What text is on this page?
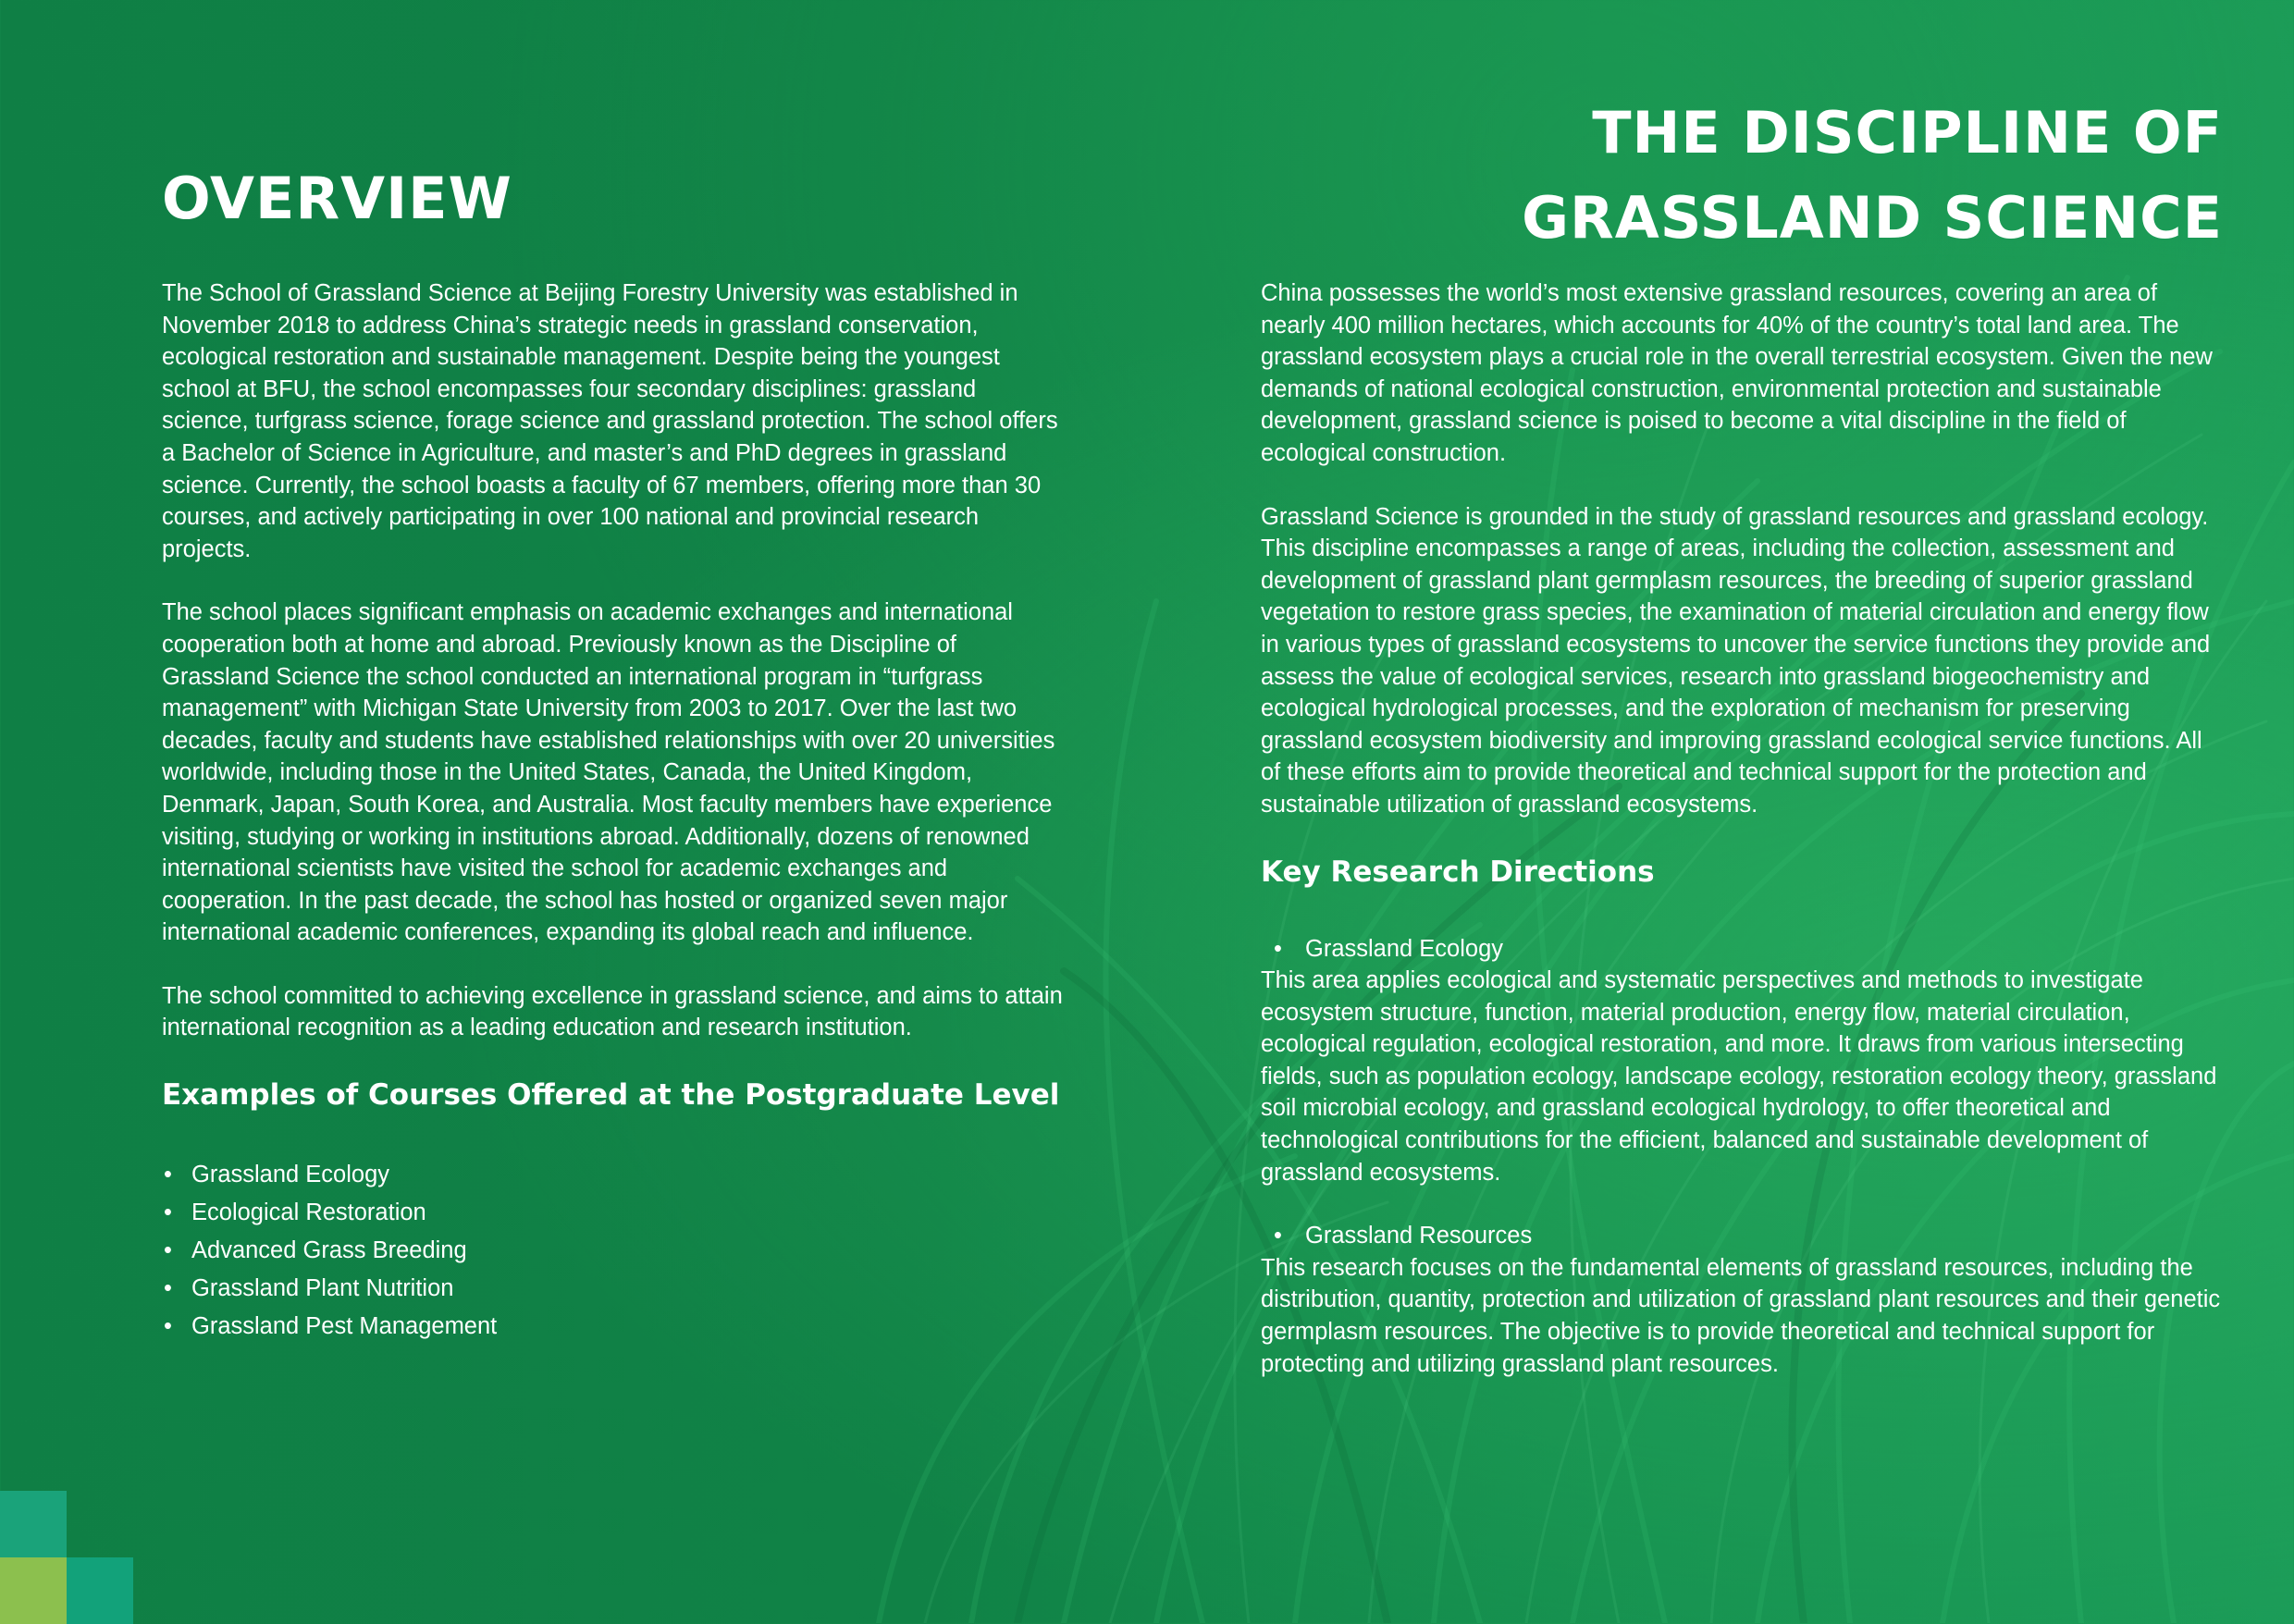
OVERVIEW
THE DISCIPLINE OF
GRASSLAND SCIENCE

The School of Grassland Science at Beijing Forestry University was established in November 2018 to address China’s strategic needs in grassland conservation, ecological restoration and sustainable management. Despite being the youngest school at BFU, the school encompasses four secondary disciplines: grassland science, turfgrass science, forage science and grassland protection. The school offers a Bachelor of Science in Agriculture, and master’s and PhD degrees in grassland science. Currently, the school boasts a faculty of 67 members, offering more than 30 courses, and actively participating in over 100 national and provincial research projects.

The school places significant emphasis on academic exchanges and international cooperation both at home and abroad. Previously known as the Discipline of Grassland Science the school conducted an international program in “turfgrass management” with Michigan State University from 2003 to 2017. Over the last two decades, faculty and students have established relationships with over 20 universities worldwide, including those in the United States, Canada, the United Kingdom, Denmark, Japan, South Korea, and Australia. Most faculty members have experience visiting, studying or working in institutions abroad. Additionally, dozens of renowned international scientists have visited the school for academic exchanges and cooperation. In the past decade, the school has hosted or organized seven major international academic conferences, expanding its global reach and influence.

The school committed to achieving excellence in grassland science, and aims to attain international recognition as a leading education and research institution.

Examples of Courses Offered at the Postgraduate Level
• Grassland Ecology
• Ecological Restoration
• Advanced Grass Breeding
• Grassland Plant Nutrition
• Grassland Pest Management

China possesses the world’s most extensive grassland resources, covering an area of nearly 400 million hectares, which accounts for 40% of the country’s total land area. The grassland ecosystem plays a crucial role in the overall terrestrial ecosystem. Given the new demands of national ecological construction, environmental protection and sustainable development, grassland science is poised to become a vital discipline in the field of ecological construction.

Grassland Science is grounded in the study of grassland resources and grassland ecology. This discipline encompasses a range of areas, including the collection, assessment and development of grassland plant germplasm resources, the breeding of superior grassland vegetation to restore grass species, the examination of material circulation and energy flow in various types of grassland ecosystems to uncover the service functions they provide and assess the value of ecological services, research into grassland biogeochemistry and ecological hydrological processes, and the exploration of mechanism for preserving grassland ecosystem biodiversity and improving grassland ecological service functions. All of these efforts aim to provide theoretical and technical support for the protection and sustainable utilization of grassland ecosystems.

Key Research Directions
• Grassland Ecology

This area applies ecological and systematic perspectives and methods to investigate ecosystem structure, function, material production, energy flow, material circulation, ecological regulation, ecological restoration, and more. It draws from various intersecting fields, such as population ecology, landscape ecology, restoration ecology theory, grassland soil microbial ecology, and grassland ecological hydrology, to offer theoretical and technological contributions for the efficient, balanced and sustainable development of grassland ecosystems.

• Grassland Resources

This research focuses on the fundamental elements of grassland resources, including the distribution, quantity, protection and utilization of grassland plant resources and their genetic germplasm resources. The objective is to provide theoretical and technical support for protecting and utilizing grassland plant resources.
